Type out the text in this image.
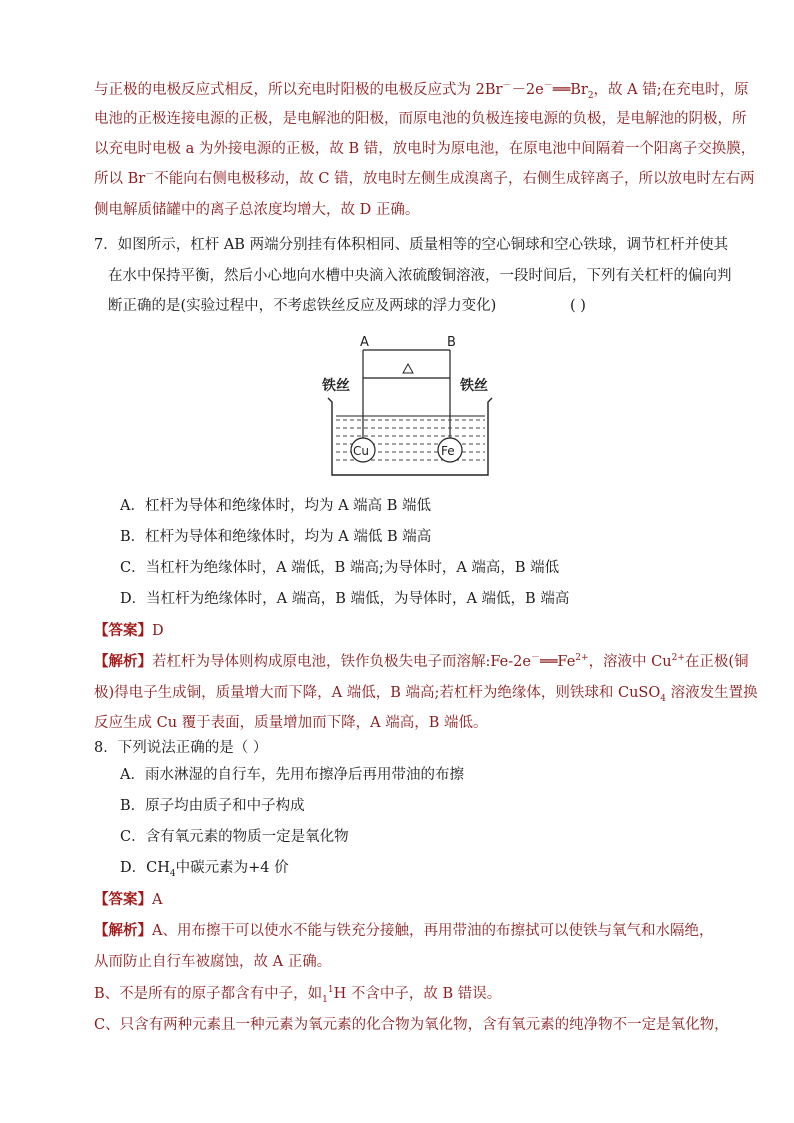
与正极的电极反应式相反，所以充电时阳极的电极反应式为 $2Br^--2e^-══Br_2$，故 A 错;在充电时，原
电池的正极连接电源的正极，是电解池的阳极，而原电池的负极连接电源的负极，是电解池的阴极，所
以充电时电极 a 为外接电源的正极，故 B 错，放电时为原电池，在原电池中间隔着一个阳离子交换膜，
所以 Br－不能向右侧电极移动，故 C 错，放电时左侧生成溴离子，右侧生成锌离子，所以放电时左右两
侧电解质储罐中的离子总浓度均增大，故 D 正确。
7．如图所示，杠杆 AB 两端分别挂有体积相同、质量相等的空心铜球和空心铁球，调节杠杆并使其
在水中保持平衡，然后小心地向水槽中央滴入浓硫酸铜溶液，一段时间后，下列有关杠杆的偏向判
断正确的是(实验过程中，不考虑铁丝反应及两球的浮力变化)	( )
A	B
铁丝	铁丝
Cu	Fe
A．杠杆为导体和绝缘体时，均为 A 端高 B 端低
B．杠杆为导体和绝缘体时，均为 A 端低 B 端高
C．当杠杆为绝缘体时，A 端低，B 端高;为导体时，A 端高，B 端低
D．当杠杆为绝缘体时，A 端高，B 端低，为导体时，A 端低，B 端高
【答案】D
【解析】若杠杆为导体则构成原电池，铁作负极失电子而溶解$:Fe-2e^-══Fe^{2+}$，溶液中 $Cu^{2+}$在正极(铜
极)得电子生成铜，质量增大而下降，A 端低，B 端高;若杠杆为绝缘体，则铁球和 CuSO$_4$ 溶液发生置换
反应生成 Cu 覆于表面，质量增加而下降，A 端高，B 端低。
8．下列说法正确的是（ ）
A．雨水淋湿的自行车，先用布擦净后再用带油的布擦
B．原子均由质子和中子构成
C．含有氧元素的物质一定是氧化物
D．$CH_4$中碳元素为+4 价
【答案】A
【解析】A、用布擦干可以使水不能与铁充分接触，再用带油的布擦拭可以使铁与氧气和水隔绝，
从而防止自行车被腐蚀，故 A 正确。
B、不是所有的原子都含有中子，如$_1^1$H 不含中子，故 B 错误。
C、只含有两种元素且一种元素为氧元素的化合物为氧化物，含有氧元素的纯净物不一定是氧化物，
